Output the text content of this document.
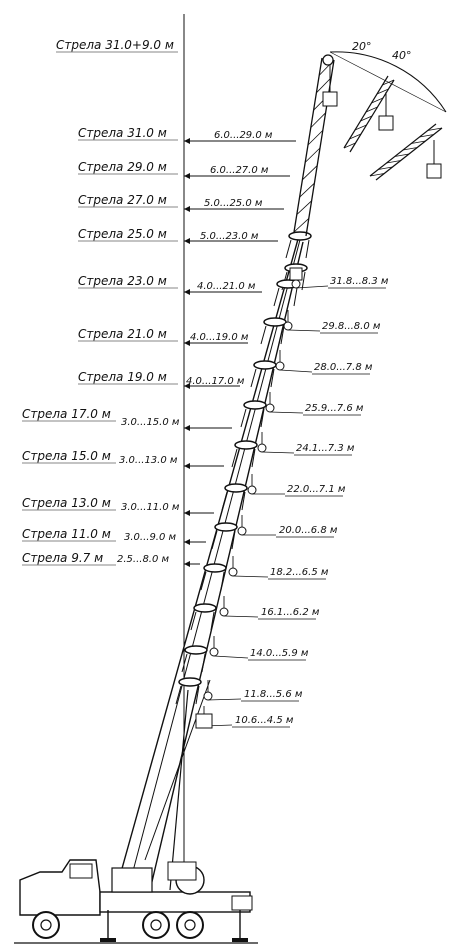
Стрела 31.0+9.0 м
Стрела 31.0 м
Стрела 29.0 м
Стрела 27.0 м
Стрела 25.0 м
Стрела 23.0 м
Стрела 21.0 м
Стрела 19.0 м
Стрела 17.0 м
Стрела 15.0 м
Стрела 13.0 м
Стрела 11.0 м
Стрела 9.7 м
6.0...29.0 м
6.0...27.0 м
5.0...25.0 м
5.0...23.0 м
4.0...21.0 м
4.0...19.0 м
4.0...17.0 м
3.0...15.0 м
3.0...13.0 м
3.0...11.0 м
3.0...9.0 м
2.5...8.0 м
31.8...8.3 м
29.8...8.0 м
28.0...7.8 м
25.9...7.6 м
24.1...7.3 м
22.0...7.1 м
20.0...6.8 м
18.2...6.5 м
16.1...6.2 м
14.0...5.9 м
11.8...5.6 м
10.6...4.5 м
20°
40°
